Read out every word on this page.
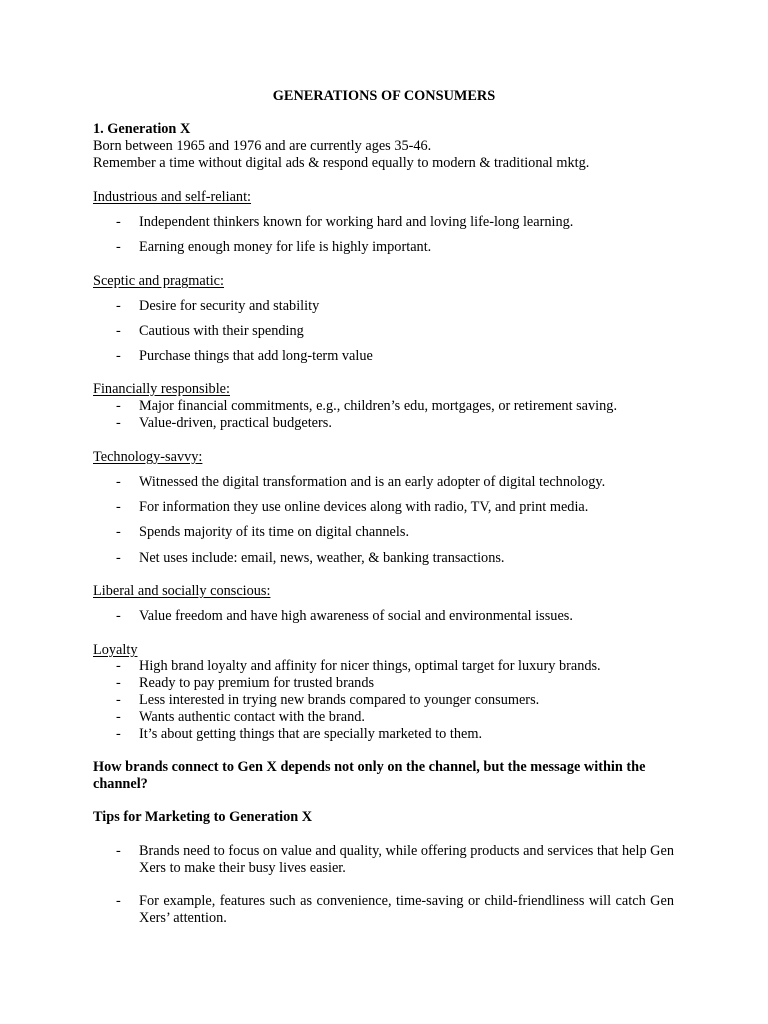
GENERATIONS OF CONSUMERS
1. Generation X
Born between 1965 and 1976 and are currently ages 35-46.
Remember a time without digital ads & respond equally to modern & traditional mktg.
Industrious and self-reliant:
- Independent thinkers known for working hard and loving life-long learning.
- Earning enough money for life is highly important.
Sceptic and pragmatic:
- Desire for security and stability
- Cautious with their spending
- Purchase things that add long-term value
Financially responsible:
- Major financial commitments, e.g., children’s edu, mortgages, or retirement saving.
- Value-driven, practical budgeters.
Technology-savvy:
- Witnessed the digital transformation and is an early adopter of digital technology.
- For information they use online devices along with radio, TV, and print media.
- Spends majority of its time on digital channels.
- Net uses include: email, news, weather, & banking transactions.
Liberal and socially conscious:
- Value freedom and have high awareness of social and environmental issues.
Loyalty
- High brand loyalty and affinity for nicer things, optimal target for luxury brands.
- Ready to pay premium for trusted brands
- Less interested in trying new brands compared to younger consumers.
- Wants authentic contact with the brand.
- It’s about getting things that are specially marketed to them.
How brands connect to Gen X depends not only on the channel, but the message within the channel?
Tips for Marketing to Generation X
- Brands need to focus on value and quality, while offering products and services that help Gen Xers to make their busy lives easier.
- For example, features such as convenience, time-saving or child-friendliness will catch Gen Xers’ attention.
